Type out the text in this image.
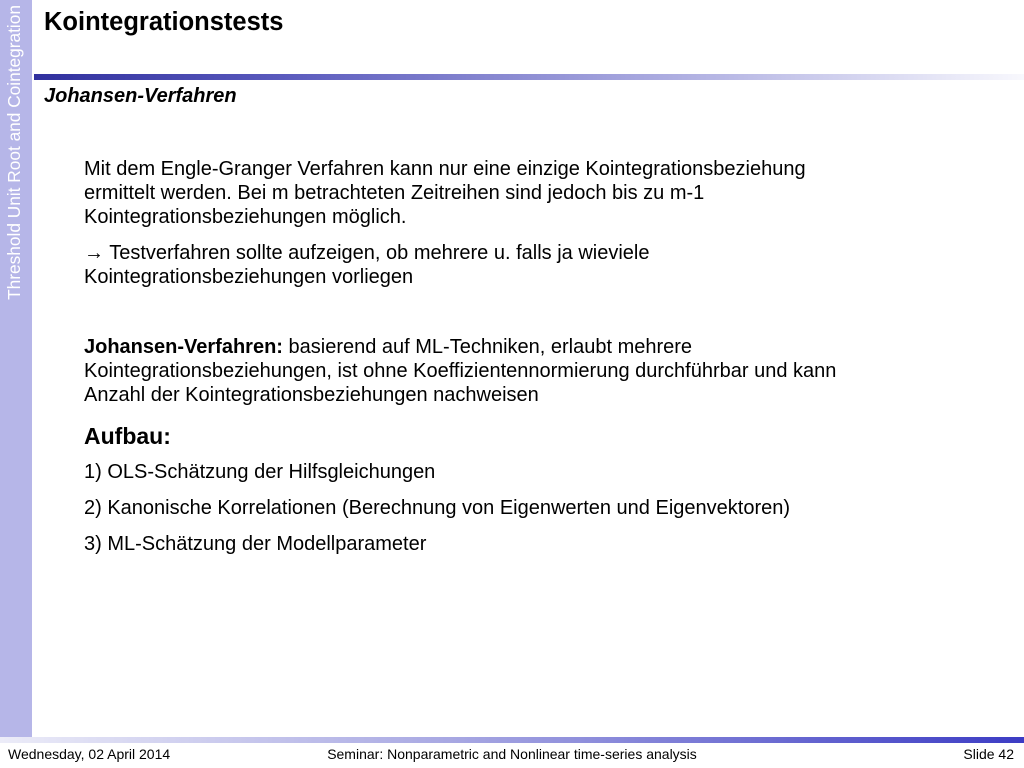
Threshold Unit Root and Cointegration Kointegrationstests
Johansen-Verfahren

Mit dem Engle-Granger Verfahren kann nur eine einzige Kointegrationsbeziehung
ermittelt werden. Bei m betrachteten Zeitreihen sind jedoch bis zu m-1
Kointegrationsbeziehungen möglich.

→ Testverfahren sollte aufzeigen, ob mehrere u. falls ja wieviele
Kointegrationsbeziehungen vorliegen

Johansen-Verfahren: basierend auf ML-Techniken, erlaubt mehrere
Kointegrationsbeziehungen, ist ohne Koeffizientennormierung durchführbar und kann
Anzahl der Kointegrationsbeziehungen nachweisen

Aufbau:

1) OLS-Schätzung der Hilfsgleichungen

2) Kanonische Korrelationen (Berechnung von Eigenwerten und Eigenvektoren)

3) ML-Schätzung der Modellparameter

Wednesday, 02 April 2014	Seminar: Nonparametric and Nonlinear time-series analysis	Slide 42
